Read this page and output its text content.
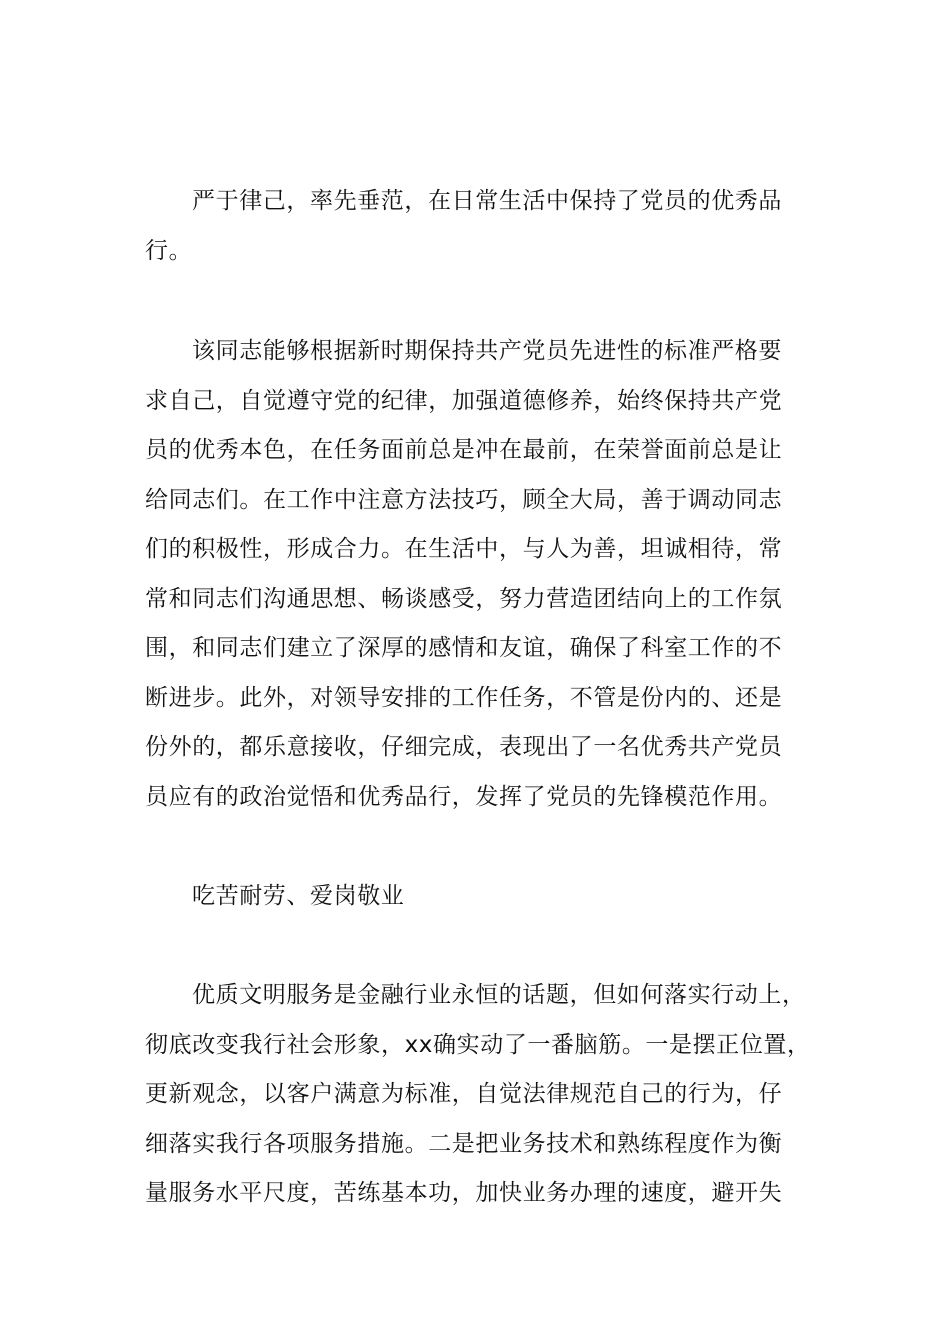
严于律己，率先垂范，在日常生活中保持了党员的优秀品
行。
该同志能够根据新时期保持共产党员先进性的标准严格要
求自己，自觉遵守党的纪律，加强道德修养，始终保持共产党
员的优秀本色，在任务面前总是冲在最前，在荣誉面前总是让
给同志们。在工作中注意方法技巧，顾全大局，善于调动同志
们的积极性，形成合力。在生活中，与人为善，坦诚相待，常
常和同志们沟通思想、畅谈感受，努力营造团结向上的工作氛
围，和同志们建立了深厚的感情和友谊，确保了科室工作的不
断进步。此外，对领导安排的工作任务，不管是份内的、还是
份外的，都乐意接收，仔细完成，表现出了一名优秀共产党员
员应有的政治觉悟和优秀品行，发挥了党员的先锋模范作用。
吃苦耐劳、爱岗敬业
优质文明服务是金融行业永恒的话题，但如何落实行动上，
彻底改变我行社会形象，xx确实动了一番脑筋。一是摆正位置，
更新观念，以客户满意为标准，自觉法律规范自己的行为，仔
细落实我行各项服务措施。二是把业务技术和熟练程度作为衡
量服务水平尺度，苦练基本功，加快业务办理的速度，避开失
